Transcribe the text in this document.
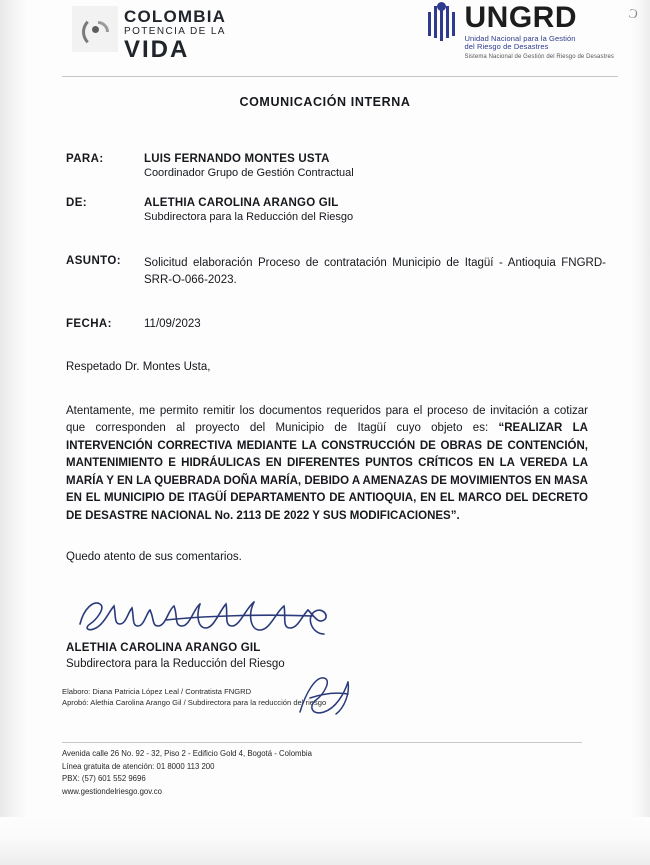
COLOMBIA
POTENCIA DE LA
VIDA
UNGRD
Unidad Nacional para la Gestión
del Riesgo de Desastres
Sistema Nacional de Gestión del Riesgo de Desastres
Ɔ
COMUNICACIÓN INTERNA
PARA:	LUIS FERNANDO MONTES USTA
Coordinador Grupo de Gestión Contractual
DE:	ALETHIA CAROLINA ARANGO GIL
Subdirectora para la Reducción del Riesgo
ASUNTO:	Solicitud elaboración Proceso de contratación Municipio de Itagüí - Antioquia FNGRD-SRR-O-066-2023.
FECHA:	11/09/2023
Respetado Dr. Montes Usta,
Atentamente, me permito remitir los documentos requeridos para el proceso de invitación a cotizar que corresponden al proyecto del Municipio de Itagüí cuyo objeto es: “REALIZAR LA INTERVENCIÓN CORRECTIVA MEDIANTE LA CONSTRUCCIÓN DE OBRAS DE CONTENCIÓN, MANTENIMIENTO E HIDRÁULICAS EN DIFERENTES PUNTOS CRÍTICOS EN LA VEREDA LA MARÍA Y EN LA QUEBRADA DOÑA MARÍA, DEBIDO A AMENAZAS DE MOVIMIENTOS EN MASA EN EL MUNICIPIO DE ITAGÜÍ DEPARTAMENTO DE ANTIOQUIA, EN EL MARCO DEL DECRETO DE DESASTRE NACIONAL No. 2113 DE 2022 Y SUS MODIFICACIONES”.
Quedo atento de sus comentarios.
ALETHIA CAROLINA ARANGO GIL
Subdirectora para la Reducción del Riesgo
Elaboro: Diana Patricia López Leal / Contratista FNGRD
Aprobó: Alethia Carolina Arango Gil / Subdirectora para la reducción del riesgo
Avenida calle 26 No. 92 - 32, Piso 2 - Edificio Gold 4, Bogotá - Colombia
Línea gratuita de atención: 01 8000 113 200
PBX: (57) 601 552 9696
www.gestiondelriesgo.gov.co
